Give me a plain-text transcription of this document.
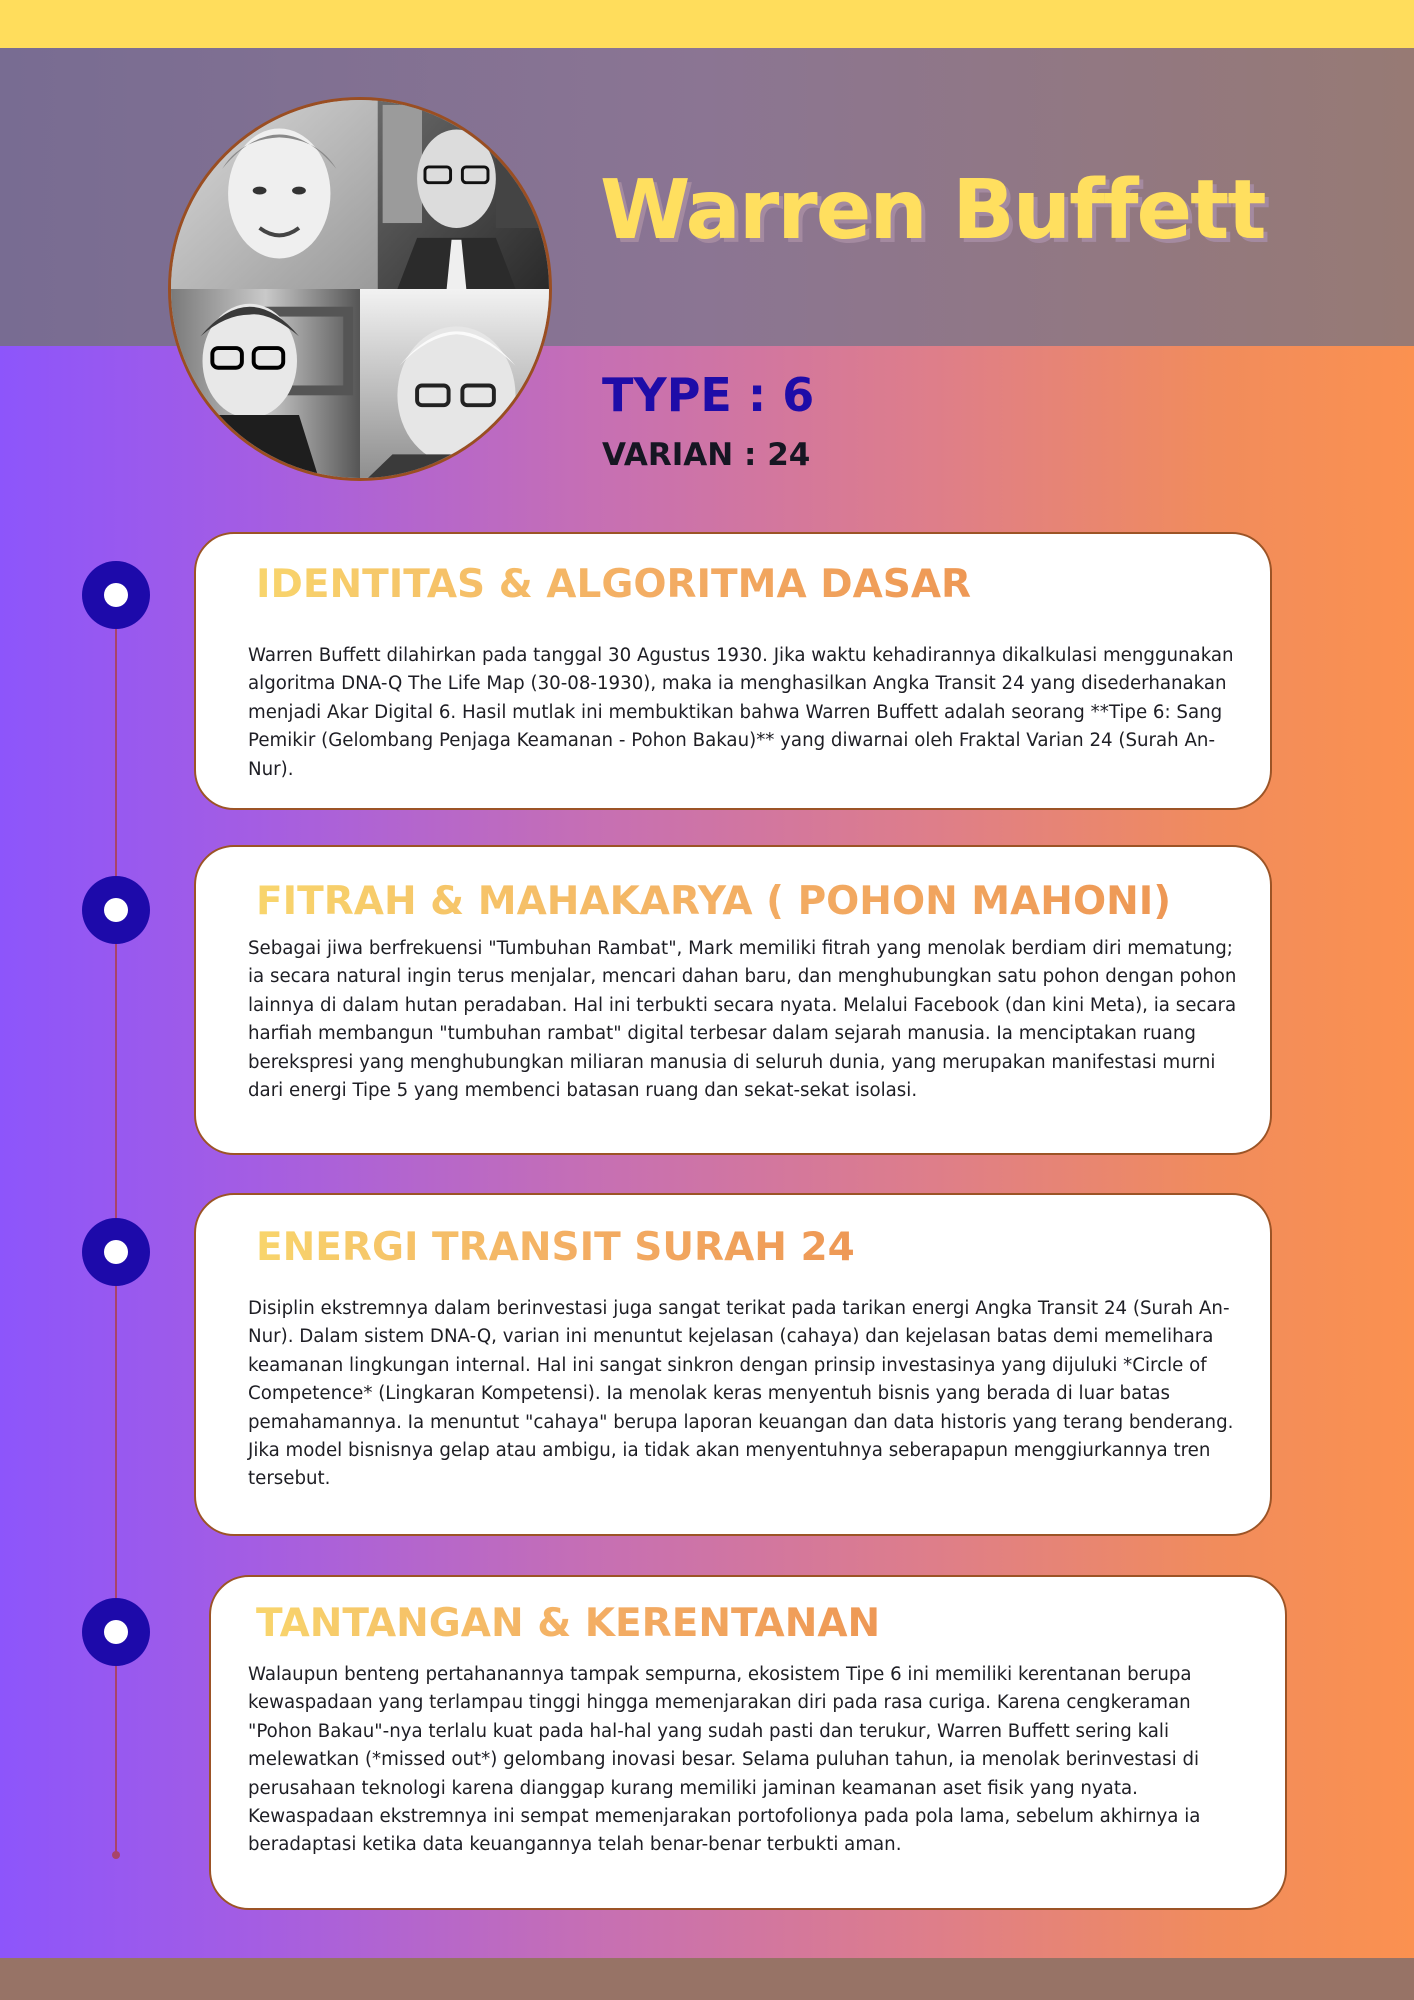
Warren Buffett
TYPE : 6
VARIAN : 24
IDENTITAS & ALGORITMA DASAR
Warren Buffett dilahirkan pada tanggal 30 Agustus 1930. Jika waktu kehadirannya dikalkulasi menggunakan algoritma DNA-Q The Life Map (30-08-1930), maka ia menghasilkan Angka Transit 24 yang disederhanakan menjadi Akar Digital 6. Hasil mutlak ini membuktikan bahwa Warren Buffett adalah seorang **Tipe 6: Sang Pemikir (Gelombang Penjaga Keamanan - Pohon Bakau)** yang diwarnai oleh Fraktal Varian 24 (Surah An-Nur).
FITRAH & MAHAKARYA ( POHON MAHONI)
Sebagai jiwa berfrekuensi "Tumbuhan Rambat", Mark memiliki fitrah yang menolak berdiam diri mematung; ia secara natural ingin terus menjalar, mencari dahan baru, dan menghubungkan satu pohon dengan pohon lainnya di dalam hutan peradaban. Hal ini terbukti secara nyata. Melalui Facebook (dan kini Meta), ia secara harfiah membangun "tumbuhan rambat" digital terbesar dalam sejarah manusia. Ia menciptakan ruang berekspresi yang menghubungkan miliaran manusia di seluruh dunia, yang merupakan manifestasi murni dari energi Tipe 5 yang membenci batasan ruang dan sekat-sekat isolasi.
ENERGI TRANSIT SURAH 24
Disiplin ekstremnya dalam berinvestasi juga sangat terikat pada tarikan energi Angka Transit 24 (Surah An-Nur). Dalam sistem DNA-Q, varian ini menuntut kejelasan (cahaya) dan kejelasan batas demi memelihara keamanan lingkungan internal. Hal ini sangat sinkron dengan prinsip investasinya yang dijuluki *Circle of Competence* (Lingkaran Kompetensi). Ia menolak keras menyentuh bisnis yang berada di luar batas pemahamannya. Ia menuntut "cahaya" berupa laporan keuangan dan data historis yang terang benderang. Jika model bisnisnya gelap atau ambigu, ia tidak akan menyentuhnya seberapapun menggiurkannya tren tersebut.
TANTANGAN & KERENTANAN
Walaupun benteng pertahanannya tampak sempurna, ekosistem Tipe 6 ini memiliki kerentanan berupa kewaspadaan yang terlampau tinggi hingga memenjarakan diri pada rasa curiga. Karena cengkeraman "Pohon Bakau"-nya terlalu kuat pada hal-hal yang sudah pasti dan terukur, Warren Buffett sering kali melewatkan (*missed out*) gelombang inovasi besar. Selama puluhan tahun, ia menolak berinvestasi di perusahaan teknologi karena dianggap kurang memiliki jaminan keamanan aset fisik yang nyata. Kewaspadaan ekstremnya ini sempat memenjarakan portofolionya pada pola lama, sebelum akhirnya ia beradaptasi ketika data keuangannya telah benar-benar terbukti aman.
